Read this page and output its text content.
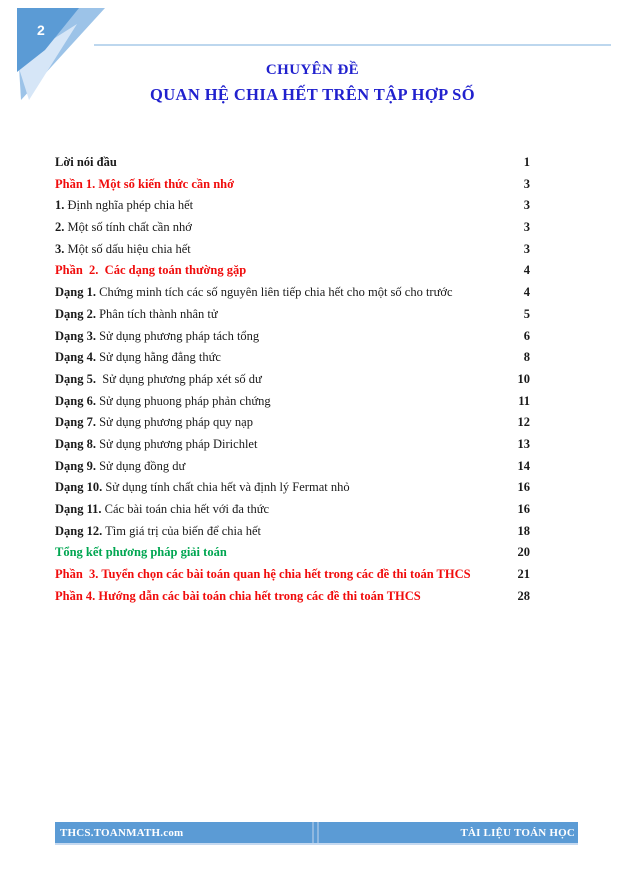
2
CHUYÊN ĐỀ
QUAN HỆ CHIA HẾT TRÊN TẬP HỢP SỐ
Lời nói đầu	1
Phần 1. Một số kiến thức cần nhớ	3
1. Định nghĩa phép chia hết	3
2. Một số tính chất cần nhớ	3
3. Một số dấu hiệu chia hết	3
Phần  2.  Các dạng toán thường gặp	4
Dạng 1. Chứng minh tích các số nguyên liên tiếp chia hết cho một số cho trước	4
Dạng 2. Phân tích thành nhân tử	5
Dạng 3. Sử dụng phương pháp tách tổng	6
Dạng 4. Sử dụng hằng đẳng thức	8
Dạng 5.  Sử dụng phương pháp xét số dư	10
Dạng 6. Sử dụng phuong pháp phản chứng	11
Dạng 7. Sử dụng phương pháp quy nạp	12
Dạng 8. Sử dụng phương pháp Dirichlet	13
Dạng 9. Sử dụng đồng dư	14
Dạng 10. Sử dụng tính chất chia hết và định lý Fermat nhỏ	16
Dạng 11. Các bài toán chia hết với đa thức	16
Dạng 12. Tìm giá trị của biến để chia hết	18
Tổng kết phương pháp giải toán	20
Phần  3. Tuyển chọn các bài toán quan hệ chia hết trong các đề thi toán THCS	21
Phần 4. Hướng dẫn các bài toán chia hết trong các đề thi toán THCS	28
THCS.TOANMATH.com	TÀI LIỆU TOÁN HỌC
